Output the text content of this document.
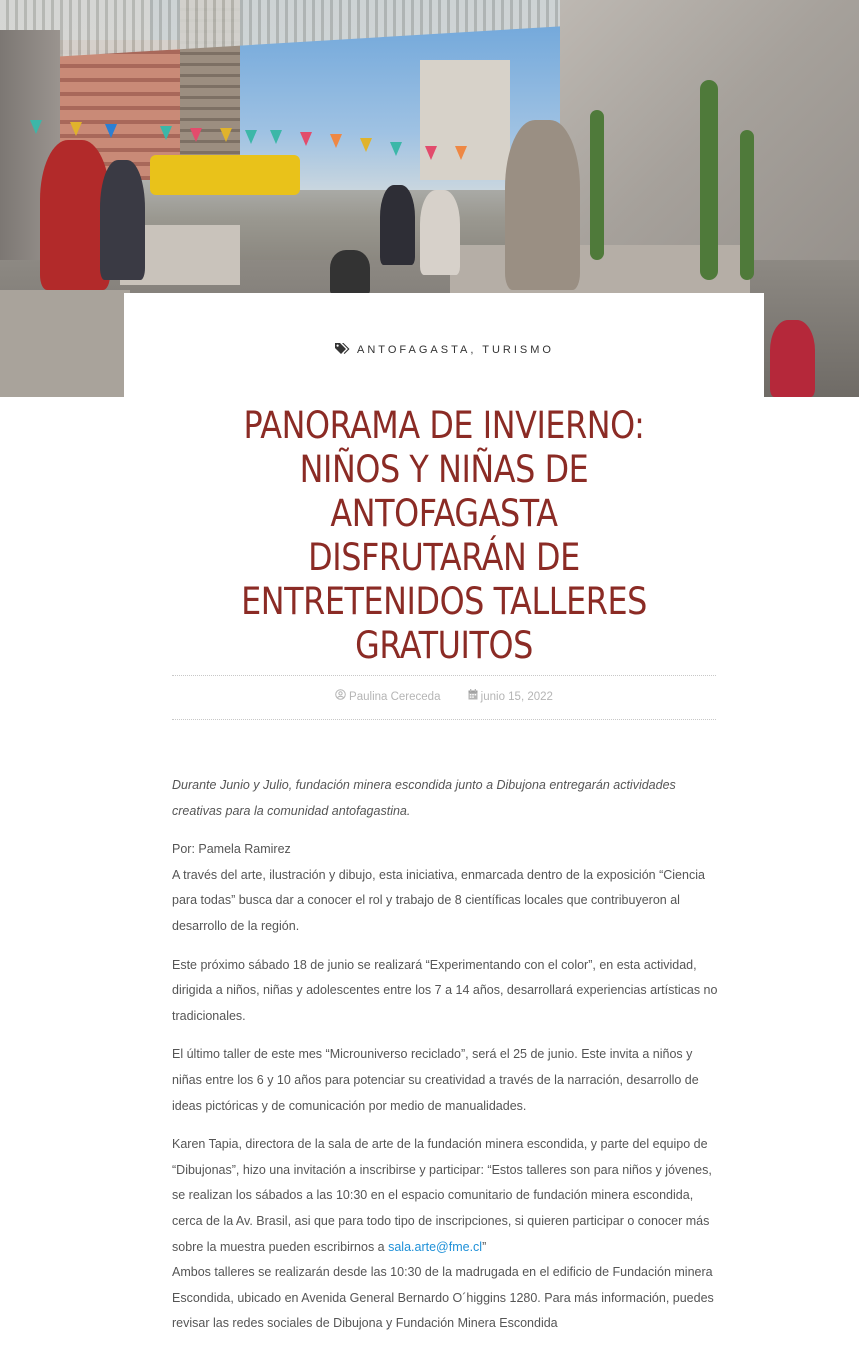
ANTOFAGASTA, TURISMO
PANORAMA DE INVIERNO: NIÑOS Y NIÑAS DE ANTOFAGASTA DISFRUTARÁN DE ENTRETENIDOS TALLERES GRATUITOS
Paulina Cereceda
	junio 15, 2022

Durante Junio y Julio, fundación minera escondida junto a Dibujona entregarán actividades creativas para la comunidad antofagastina.

Por: Pamela Ramirez

A través del arte, ilustración y dibujo, esta iniciativa, enmarcada dentro de la exposición “Ciencia para todas” busca dar a conocer el rol y trabajo de 8 científicas locales que contribuyeron al desarrollo de la región.

Este próximo sábado 18 de junio se realizará “Experimentando con el color”, en esta actividad, dirigida a niños, niñas y adolescentes entre los 7 a 14 años, desarrollará experiencias artísticas no tradicionales.

El último taller de este mes “Microuniverso reciclado”, será el 25 de junio. Este invita a niños y niñas entre los 6 y 10 años para potenciar su creatividad a través de la narración, desarrollo de ideas pictóricas y de comunicación por medio de manualidades.

Karen Tapia, directora de la sala de arte de la fundación minera escondida, y parte del equipo de “Dibujonas”, hizo una invitación a inscribirse y participar: “Estos talleres son para niños y jóvenes, se realizan los sábados a las 10:30 en el espacio comunitario de fundación minera escondida, cerca de la Av. Brasil, asi que para todo tipo de inscripciones, si quieren participar o conocer más sobre la muestra pueden escribirnos a sala.arte@fme.cl”

Ambos talleres se realizarán desde las 10:30 de la madrugada en el edificio de Fundación minera Escondida, ubicado en Avenida General Bernardo O´higgins 1280. Para más información, puedes revisar las redes sociales de Dibujona y Fundación Minera Escondida
